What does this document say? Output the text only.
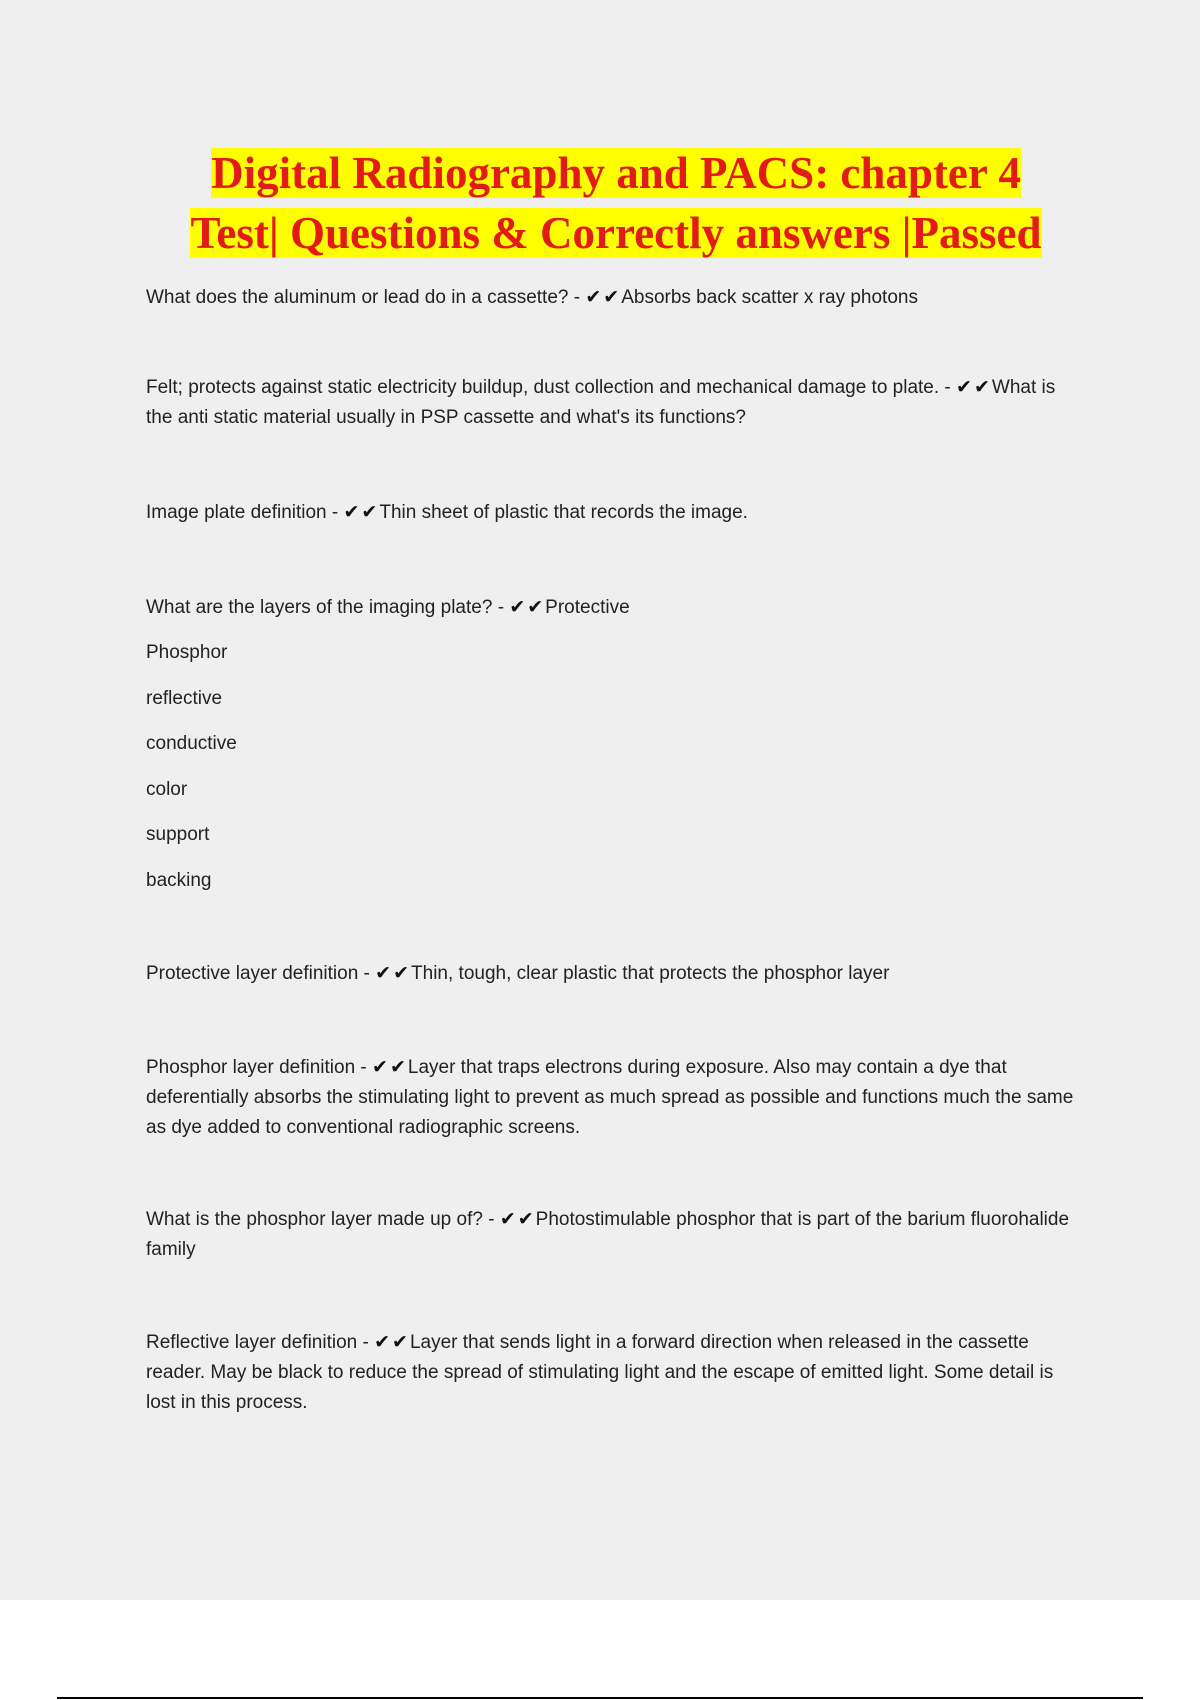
Digital Radiography and PACS: chapter 4
Test| Questions & Correctly answers |Passed
What does the aluminum or lead do in a cassette? - ✔✔Absorbs back scatter x ray photons
Felt; protects against static electricity buildup, dust collection and mechanical damage to plate. - ✔✔What is the anti static material usually in PSP cassette and what's its functions?
Image plate definition - ✔✔Thin sheet of plastic that records the image.
What are the layers of the imaging plate? - ✔✔Protective
Phosphor
reflective
conductive
color
support
backing
Protective layer definition - ✔✔Thin, tough, clear plastic that protects the phosphor layer
Phosphor layer definition - ✔✔Layer that traps electrons during exposure. Also may contain a dye that deferentially absorbs the stimulating light to prevent as much spread as possible and functions much the same as dye added to conventional radiographic screens.
What is the phosphor layer made up of? - ✔✔Photostimulable phosphor that is part of the barium fluorohalide family
Reflective layer definition - ✔✔Layer that sends light in a forward direction when released in the cassette reader. May be black to reduce the spread of stimulating light and the escape of emitted light. Some detail is lost in this process.
